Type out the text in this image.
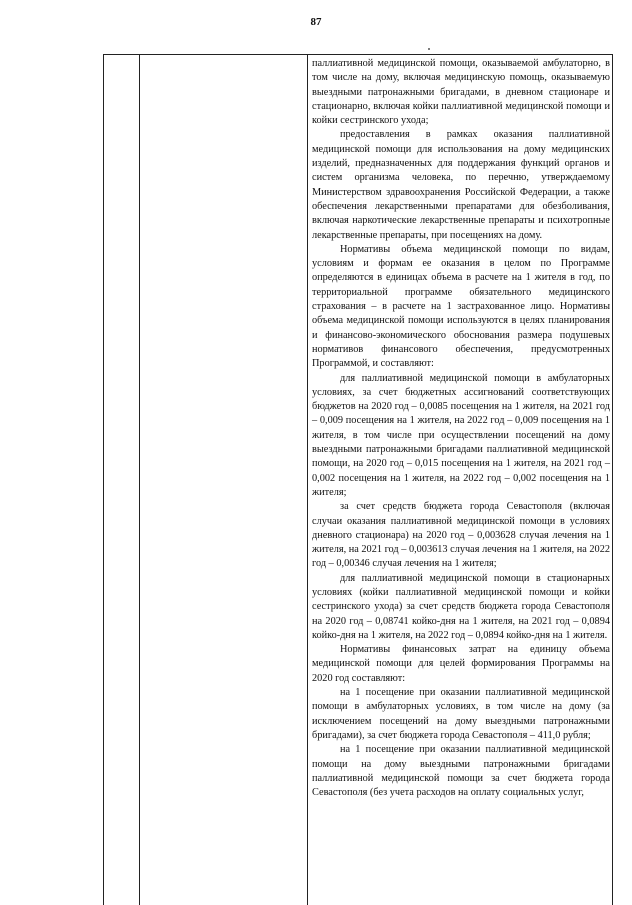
87

паллиативной медицинской помощи, оказываемой амбулаторно, в том числе на дому, включая медицинскую помощь, оказываемую выездными патронажными бригадами, в дневном стационаре и стационарно, включая койки паллиативной медицинской помощи и койки сестринского ухода;

предоставления в рамках оказания паллиативной медицинской помощи для использования на дому медицинских изделий, предназначенных для поддержания функций органов и систем организма человека, по перечню, утверждаемому Министерством здравоохранения Российской Федерации, а также обеспечения лекарственными препаратами для обезболивания, включая наркотические лекарственные препараты и психотропные лекарственные препараты, при посещениях на дому.

Нормативы объема медицинской помощи по видам, условиям и формам ее оказания в целом по Программе определяются в единицах объема в расчете на 1 жителя в год, по территориальной программе обязательного медицинского страхования – в расчете на 1 застрахованное лицо. Нормативы объема медицинской помощи используются в целях планирования и финансово-экономического обоснования размера подушевых нормативов финансового обеспечения, предусмотренных Программой, и составляют:

для паллиативной медицинской помощи в амбулаторных условиях, за счет бюджетных ассигнований соответствующих бюджетов на 2020 год – 0,0085 посещения на 1 жителя, на 2021 год – 0,009 посещения на 1 жителя, на 2022 год – 0,009 посещения на 1 жителя, в том числе при осуществлении посещений на дому выездными патронажными бригадами паллиативной медицинской помощи, на 2020 год – 0,015 посещения на 1 жителя, на 2021 год – 0,002 посещения на 1 жителя, на 2022 год – 0,002 посещения на 1 жителя;

за счет средств бюджета города Севастополя (включая случаи оказания паллиативной медицинской помощи в условиях дневного стационара) на 2020 год – 0,003628 случая лечения на 1 жителя, на 2021 год – 0,003613 случая лечения на 1 жителя, на 2022 год – 0,00346 случая лечения на 1 жителя;

для паллиативной медицинской помощи в стационарных условиях (койки паллиативной медицинской помощи и койки сестринского ухода) за счет средств бюджета города Севастополя на 2020 год – 0,08741 койко-дня на 1 жителя, на 2021 год – 0,0894 койко-дня на 1 жителя, на 2022 год – 0,0894 койко-дня на 1 жителя.

Нормативы финансовых затрат на единицу объема медицинской помощи для целей формирования Программы на 2020 год составляют:

на 1 посещение при оказании паллиативной медицинской помощи в амбулаторных условиях, в том числе на дому (за исключением посещений на дому выездными патронажными бригадами), за счет бюджета города Севастополя – 411,0 рубля;

на 1 посещение при оказании паллиативной медицинской помощи на дому выездными патронажными бригадами паллиативной медицинской помощи за счет бюджета города Севастополя (без учета расходов на оплату социальных услуг,
